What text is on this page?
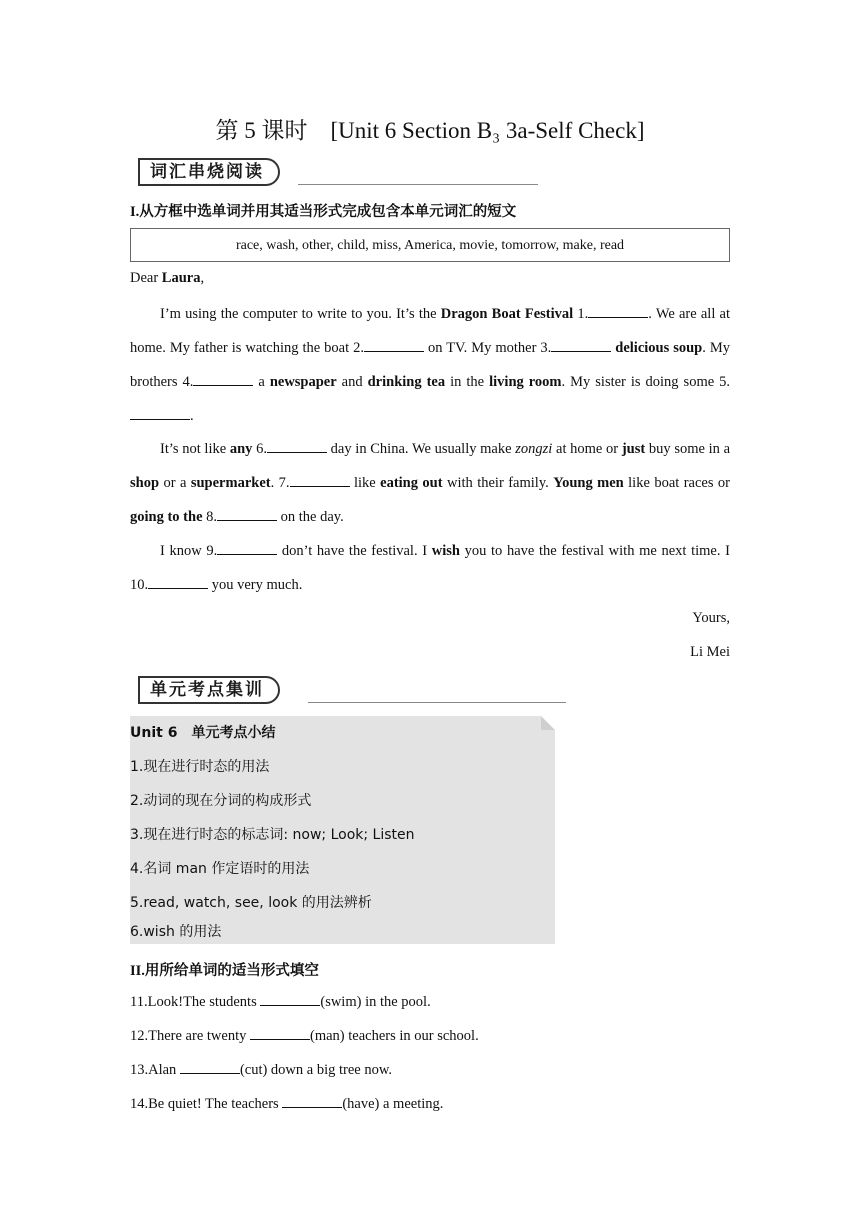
第 5 课时　[Unit 6 Section B₃ 3a-Self Check]
词汇串烧阅读
I.从方框中选单词并用其适当形式完成包含本单元词汇的短文
race, wash, other, child, miss, America, movie, tomorrow, make, read
Dear Laura,
I’m using the computer to write to you. It’s the Dragon Boat Festival 1.	. We are all at home. My father is watching the boat 2.	on TV. My mother 3.	delicious soup. My brothers 4.	a newspaper and drinking tea in the living room. My sister is doing some 5..
It’s not like any 6.	day in China. We usually make zongzi at home or just buy some in a shop or a supermarket. 7.	like eating out with their family. Young men like boat races or going to the 8.	on the day.
I know 9.	don’t have the festival. I wish you to have the festival with me next time. I 10.	you very much.
Yours,
Li Mei
单元考点集训
Unit 6　单元考点小结
1.现在进行时态的用法
2.动词的现在分词的构成形式
3.现在进行时态的标志词: now; Look; Listen
4.名词 man 作定语时的用法
5.read, watch, see, look 的用法辨析
6.wish 的用法
II.用所给单词的适当形式填空
11.Look!The students	(swim) in the pool.
12.There are twenty	(man) teachers in our school.
13.Alan	(cut) down a big tree now.
14.Be quiet! The teachers	(have) a meeting.
